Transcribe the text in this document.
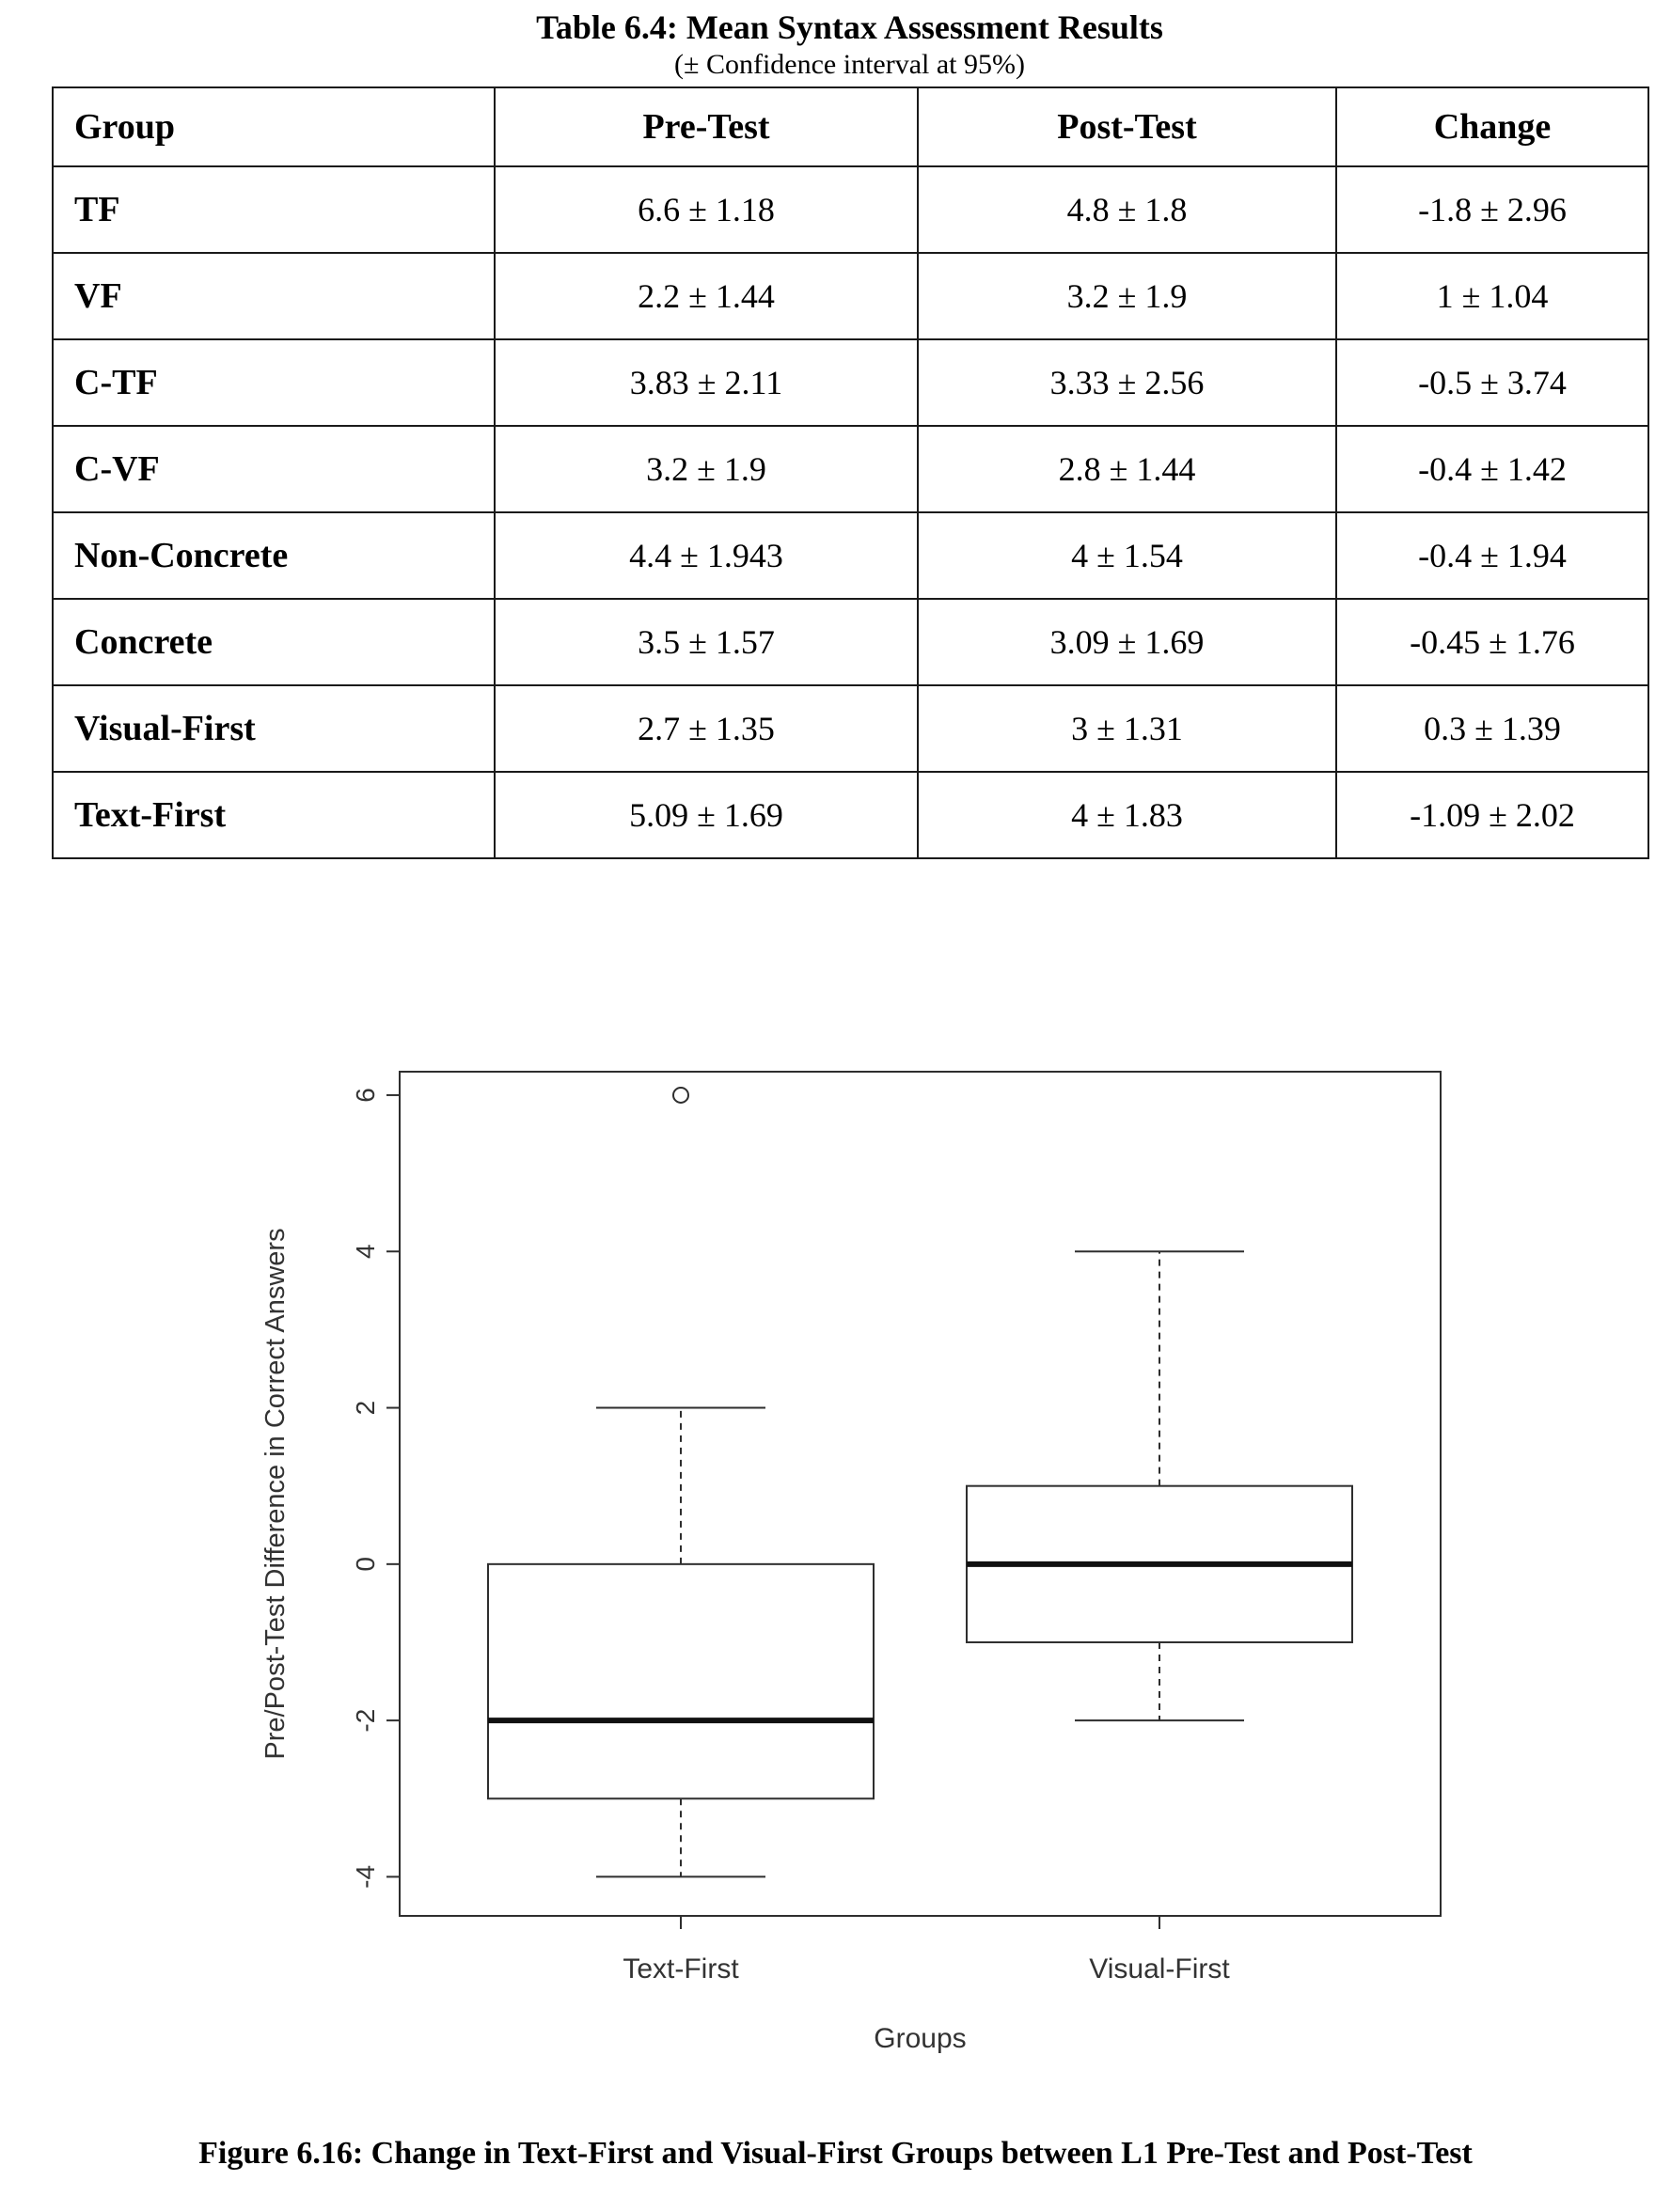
Table 6.4: Mean Syntax Assessment Results
(± Confidence interval at 95%)
Group	Pre-Test	Post-Test	Change
TF	6.6 ± 1.18	4.8 ± 1.8	-1.8 ± 2.96
VF	2.2 ± 1.44	3.2 ± 1.9	1 ± 1.04
C-TF	3.83 ± 2.11	3.33 ± 2.56	-0.5 ± 3.74
C-VF	3.2 ± 1.9	2.8 ± 1.44	-0.4 ± 1.42
Non-Concrete	4.4 ± 1.943	4 ± 1.54	-0.4 ± 1.94
Concrete	3.5 ± 1.57	3.09 ± 1.69	-0.45 ± 1.76
Visual-First	2.7 ± 1.35	3 ± 1.31	0.3 ± 1.39
Text-First	5.09 ± 1.69	4 ± 1.83	-1.09 ± 2.02
-4
-2
0
2
4
6
Pre/Post-Test Difference in Correct Answers
Text-First	Visual-First
Groups
Figure 6.16: Change in Text-First and Visual-First Groups between L1 Pre-Test and Post-Test
